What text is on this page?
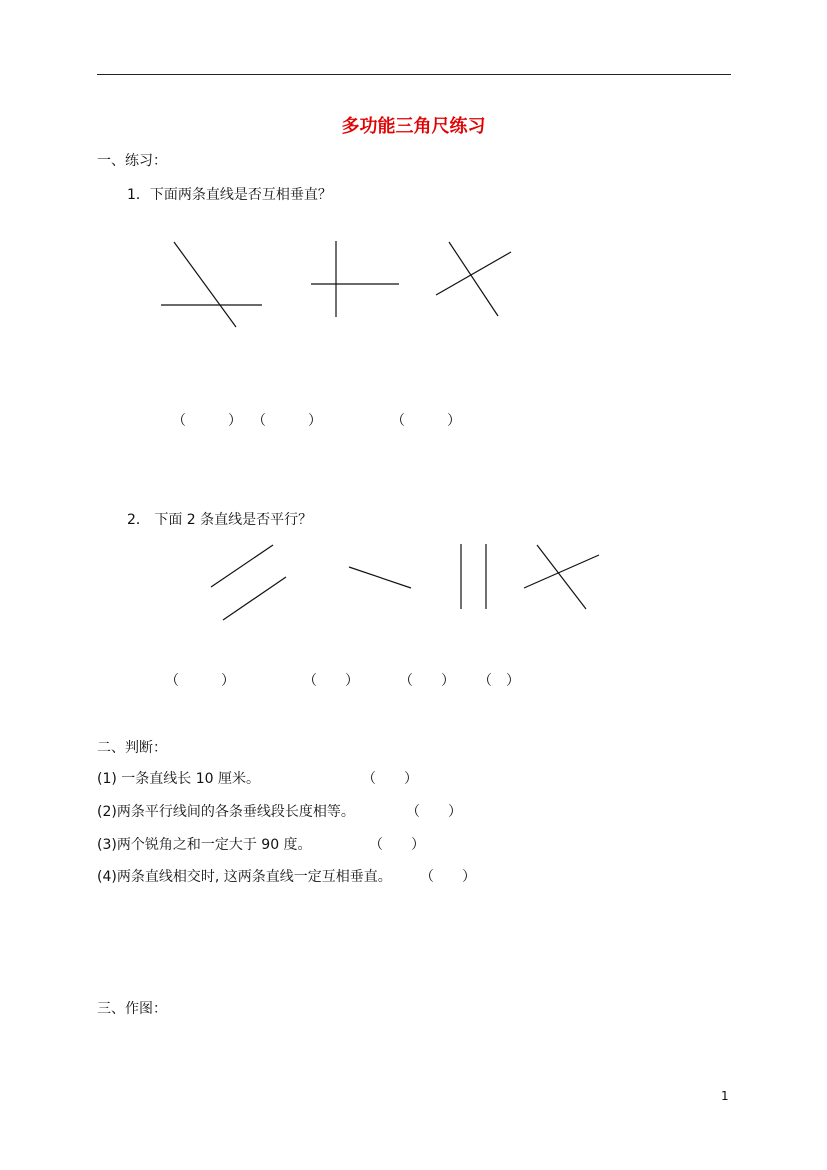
多功能三角尺练习
一、练习：
1．下面两条直线是否互相垂直？
（　　　） （　　　）	（　　　）
2． 下面 2 条直线是否平行？
（　　　）	（　　）	（　　） （　）
二、判断：
(1) 一条直线长 10 厘米。	（　　）
(2)两条平行线间的各条垂线段长度相等。	（　　）
(3)两个锐角之和一定大于 90 度。	（　　）
(4)两条直线相交时, 这两条直线一定互相垂直。 （　　）
三、作图：
1
